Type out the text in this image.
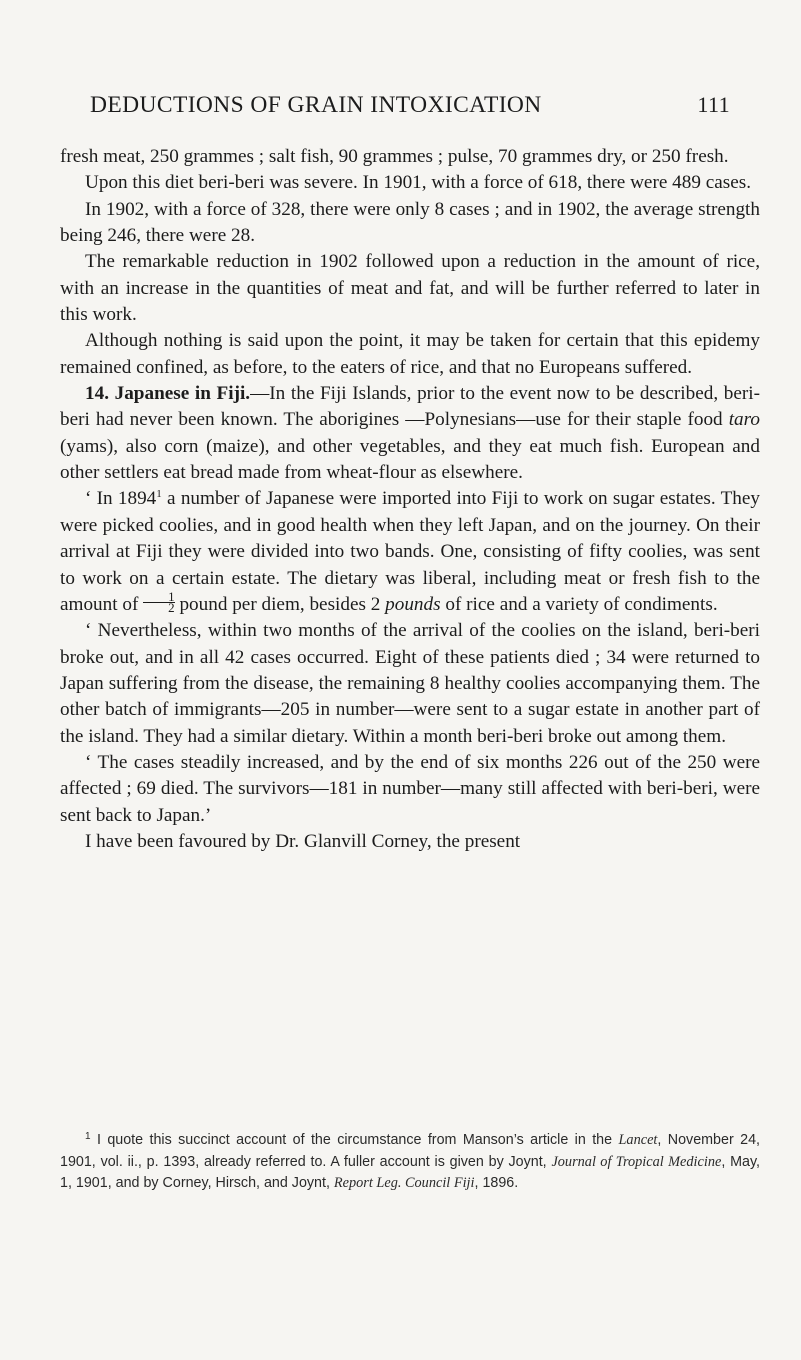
DEDUCTIONS OF GRAIN INTOXICATION	111

fresh meat, 250 grammes ; salt fish, 90 grammes ; pulse, 70 grammes dry, or 250 fresh.

Upon this diet beri-beri was severe. In 1901, with a force of 618, there were 489 cases.

In 1902, with a force of 328, there were only 8 cases ; and in 1902, the average strength being 246, there were 28.

The remarkable reduction in 1902 followed upon a reduction in the amount of rice, with an increase in the quantities of meat and fat, and will be further referred to later in this work.

Although nothing is said upon the point, it may be taken for certain that this epidemy remained confined, as before, to the eaters of rice, and that no Europeans suffered.

14. Japanese in Fiji.—In the Fiji Islands, prior to the event now to be described, beri-beri had never been known. The aborigines —Polynesians—use for their staple food taro (yams), also corn (maize), and other vegetables, and they eat much fish. European and other settlers eat bread made from wheat-flour as elsewhere.

‘ In 1894$^1$ a number of Japanese were imported into Fiji to work on sugar estates. They were picked coolies, and in good health when they left Japan, and on the journey. On their arrival at Fiji they were divided into two bands. One, consisting of fifty coolies, was sent to work on a certain estate. The dietary was liberal, including meat or fresh fish to the amount of $\frac{1}{2}$ pound per diem, besides 2 pounds of rice and a variety of condiments.

‘ Nevertheless, within two months of the arrival of the coolies on the island, beri-beri broke out, and in all 42 cases occurred. Eight of these patients died ; 34 were returned to Japan suffering from the disease, the remaining 8 healthy coolies accompanying them. The other batch of immigrants—205 in number—were sent to a sugar estate in another part of the island. They had a similar dietary. Within a month beri-beri broke out among them.

‘ The cases steadily increased, and by the end of six months 226 out of the 250 were affected ; 69 died. The survivors—181 in number—many still affected with beri-beri, were sent back to Japan.’

I have been favoured by Dr. Glanvill Corney, the present

$^1$ I quote this succinct account of the circumstance from Manson’s article in the Lancet, November 24, 1901, vol. ii., p. 1393, already referred to. A fuller account is given by Joynt, Journal of Tropical Medicine, May, 1, 1901, and by Corney, Hirsch, and Joynt, Report Leg. Council Fiji, 1896.
